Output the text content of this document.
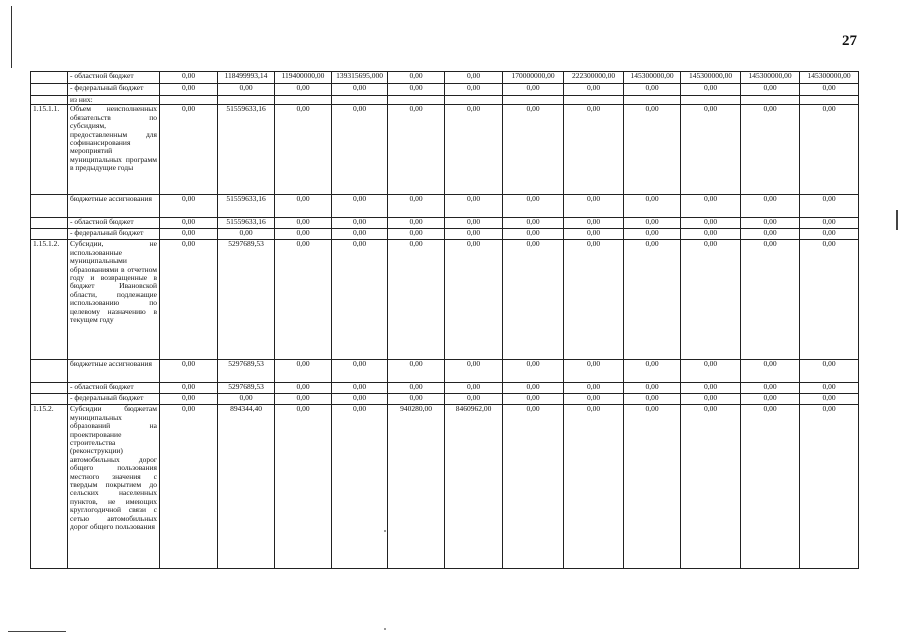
27
	- областной бюджет	0,00	118499993,14	119400000,00	139315695,000	0,00	0,00	170000000,00	222300000,00	145300000,00	145300000,00	145300000,00	145300000,00
	- федеральный бюджет	0,00	0,00	0,00	0,00	0,00	0,00	0,00	0,00	0,00	0,00	0,00	0,00
	из них:												
1.15.1.1.	Объем неисполненных обязательств по субсидиям, предоставленным для софинансирования мероприятий муниципальных программ в предыдущие годы	0,00	51559633,16	0,00	0,00	0,00	0,00	0,00	0,00	0,00	0,00	0,00	0,00
	бюджетные ассигнования	0,00	51559633,16	0,00	0,00	0,00	0,00	0,00	0,00	0,00	0,00	0,00	0,00
	- областной бюджет	0,00	51559633,16	0,00	0,00	0,00	0,00	0,00	0,00	0,00	0,00	0,00	0,00
	- федеральный бюджет	0,00	0,00	0,00	0,00	0,00	0,00	0,00	0,00	0,00	0,00	0,00	0,00
1.15.1.2.	Субсидии, не использованные муниципальными образованиями в отчетном году и возвращенные в бюджет Ивановской области, подлежащие использованию по целевому назначению в текущем году	0,00	5297689,53	0,00	0,00	0,00	0,00	0,00	0,00	0,00	0,00	0,00	0,00
	бюджетные ассигнования	0,00	5297689,53	0,00	0,00	0,00	0,00	0,00	0,00	0,00	0,00	0,00	0,00
	- областной бюджет	0,00	5297689,53	0,00	0,00	0,00	0,00	0,00	0,00	0,00	0,00	0,00	0,00
	- федеральный бюджет	0,00	0,00	0,00	0,00	0,00	0,00	0,00	0,00	0,00	0,00	0,00	0,00
1.15.2.	Субсидии бюджетам муниципальных образований на проектирование строительства (реконструкции) автомобильных дорог общего пользования местного значения с твердым покрытием до сельских населенных пунктов, не имеющих круглогодичной связи с сетью автомобильных дорог общего пользования	0,00	894344,40	0,00	0,00	940280,00	8460962,00	0,00	0,00	0,00	0,00	0,00	0,00
